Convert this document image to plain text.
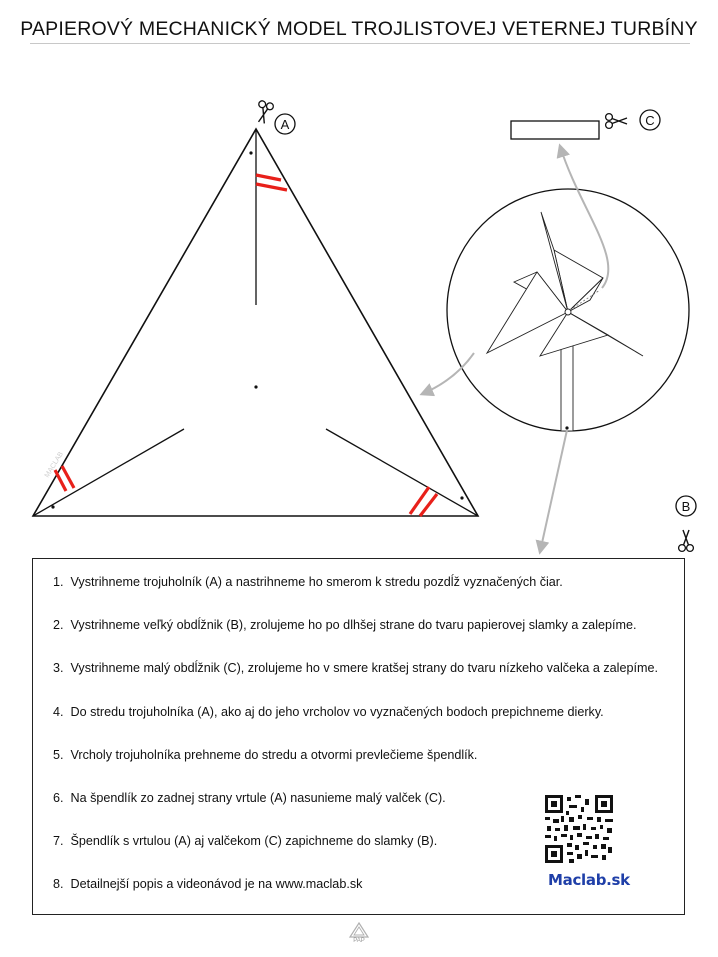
PAPIEROVÝ MECHANICKÝ MODEL TROJLISTOVEJ VETERNEJ TURBÍNY
MACLAB
A	C
B
1. Vystrihneme trojuholník (A) a nastrihneme ho smerom k stredu pozdĺž vyznačených čiar.
2. Vystrihneme veľký obdĺžnik (B), zrolujeme ho po dlhšej strane do tvaru papierovej slamky a zalepíme.
3. Vystrihneme malý obdĺžnik (C), zrolujeme ho v smere kratšej strany do tvaru nízkeho valčeka a zalepíme.
4. Do stredu trojuholníka (A), ako aj do jeho vrcholov vo vyznačených bodoch prepichneme dierky.
5. Vrcholy trojuholníka prehneme do stredu a otvormi prevlečieme špendlík.
6. Na špendlík zo zadnej strany vrtule (A) nasunieme malý valček (C).
7. Špendlík s vrtulou (A) aj valčekom (C) zapichneme do slamky (B).
8. Detailnejší popis a videonávod je na www.maclab.sk	Maclab.sk
PAP
